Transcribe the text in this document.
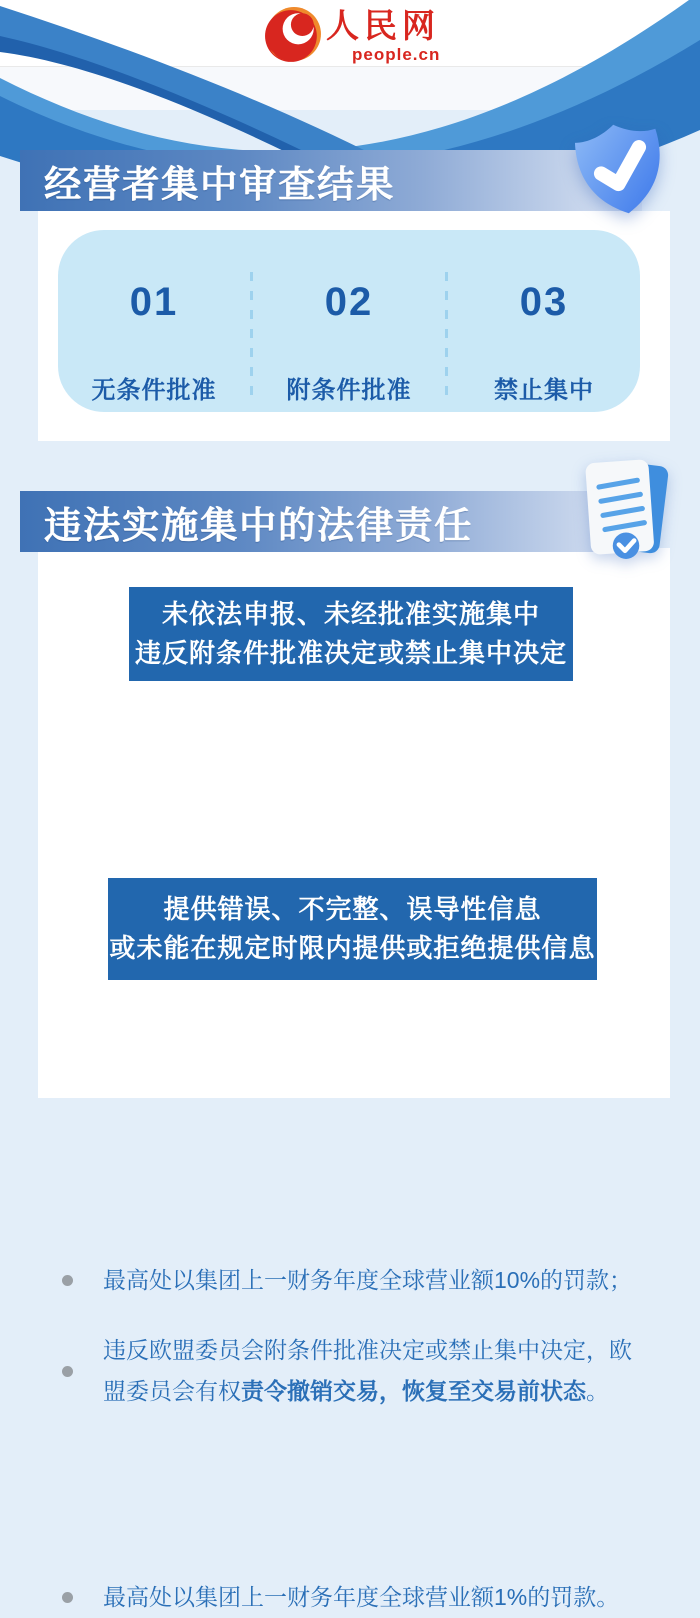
人民网
people.cn
经营者集中审查结果
01
无条件批准
02
附条件批准
03
禁止集中
违法实施集中的法律责任
未依法申报、未经批准实施集中
违反附条件批准决定或禁止集中决定
最高处以集团上一财务年度全球营业额10%的罚款；
违反欧盟委员会附条件批准决定或禁止集中决定，欧盟委员会有权责令撤销交易，恢复至交易前状态。
提供错误、不完整、误导性信息
或未能在规定时限内提供或拒绝提供信息
最高处以集团上一财务年度全球营业额1%的罚款。
